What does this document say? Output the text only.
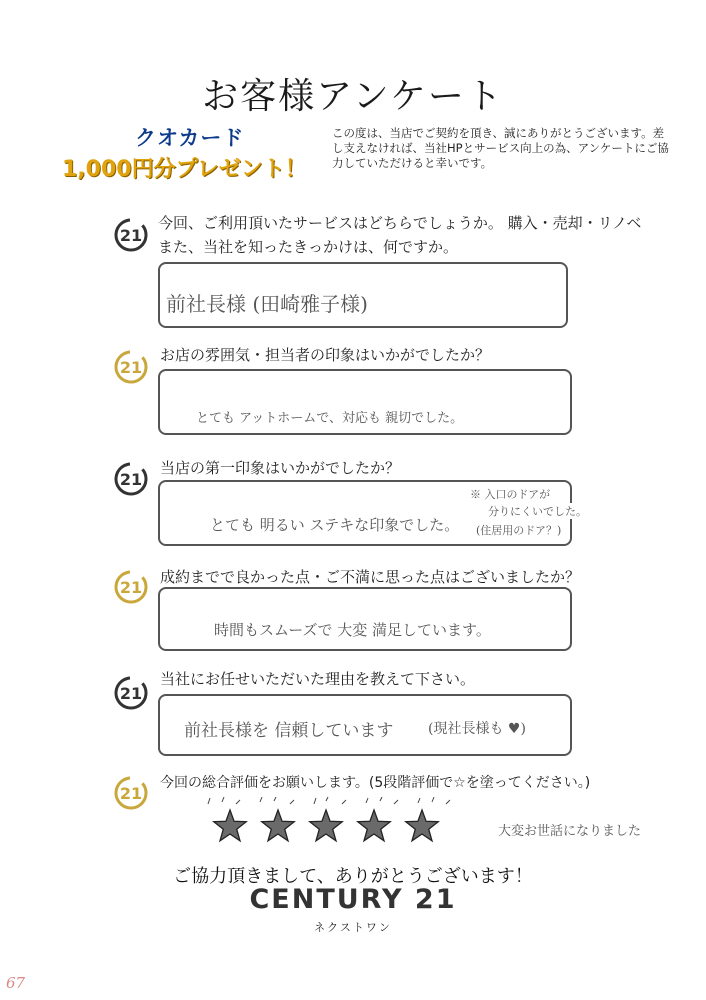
お客様アンケート
クオカード
1,000円分プレゼント！
この度は、当店でご契約を頂き、誠にありがとうございます。差し支えなければ、当社HPとサービス向上の為、アンケートにご協力していただけると幸いです。
21
今回、ご利用頂いたサービスはどちらでしょうか。 購入・売却・リノベ
また、当社を知ったきっかけは、何ですか。
前社長様 (田崎雅子様)
21
お店の雰囲気・担当者の印象はいかがでしたか？
とても アットホームで、対応も 親切でした。
21
当店の第一印象はいかがでしたか？
とても 明るい ステキな印象でした。
※ 入口のドアが
分りにくいでした。
(住居用のドア？)
21
成約までで良かった点・ご不満に思った点はございましたか？
時間もスムーズで 大変 満足しています。
21
当社にお任せいただいた理由を教えて下さい。
前社長様を 信頼しています (現社長様も ♥)
21
今回の総合評価をお願いします。(5段階評価で☆を塗ってください。)
大変お世話になりました
ご協力頂きまして、ありがとうございます！
CENTURY 21
ネクストワン
67
